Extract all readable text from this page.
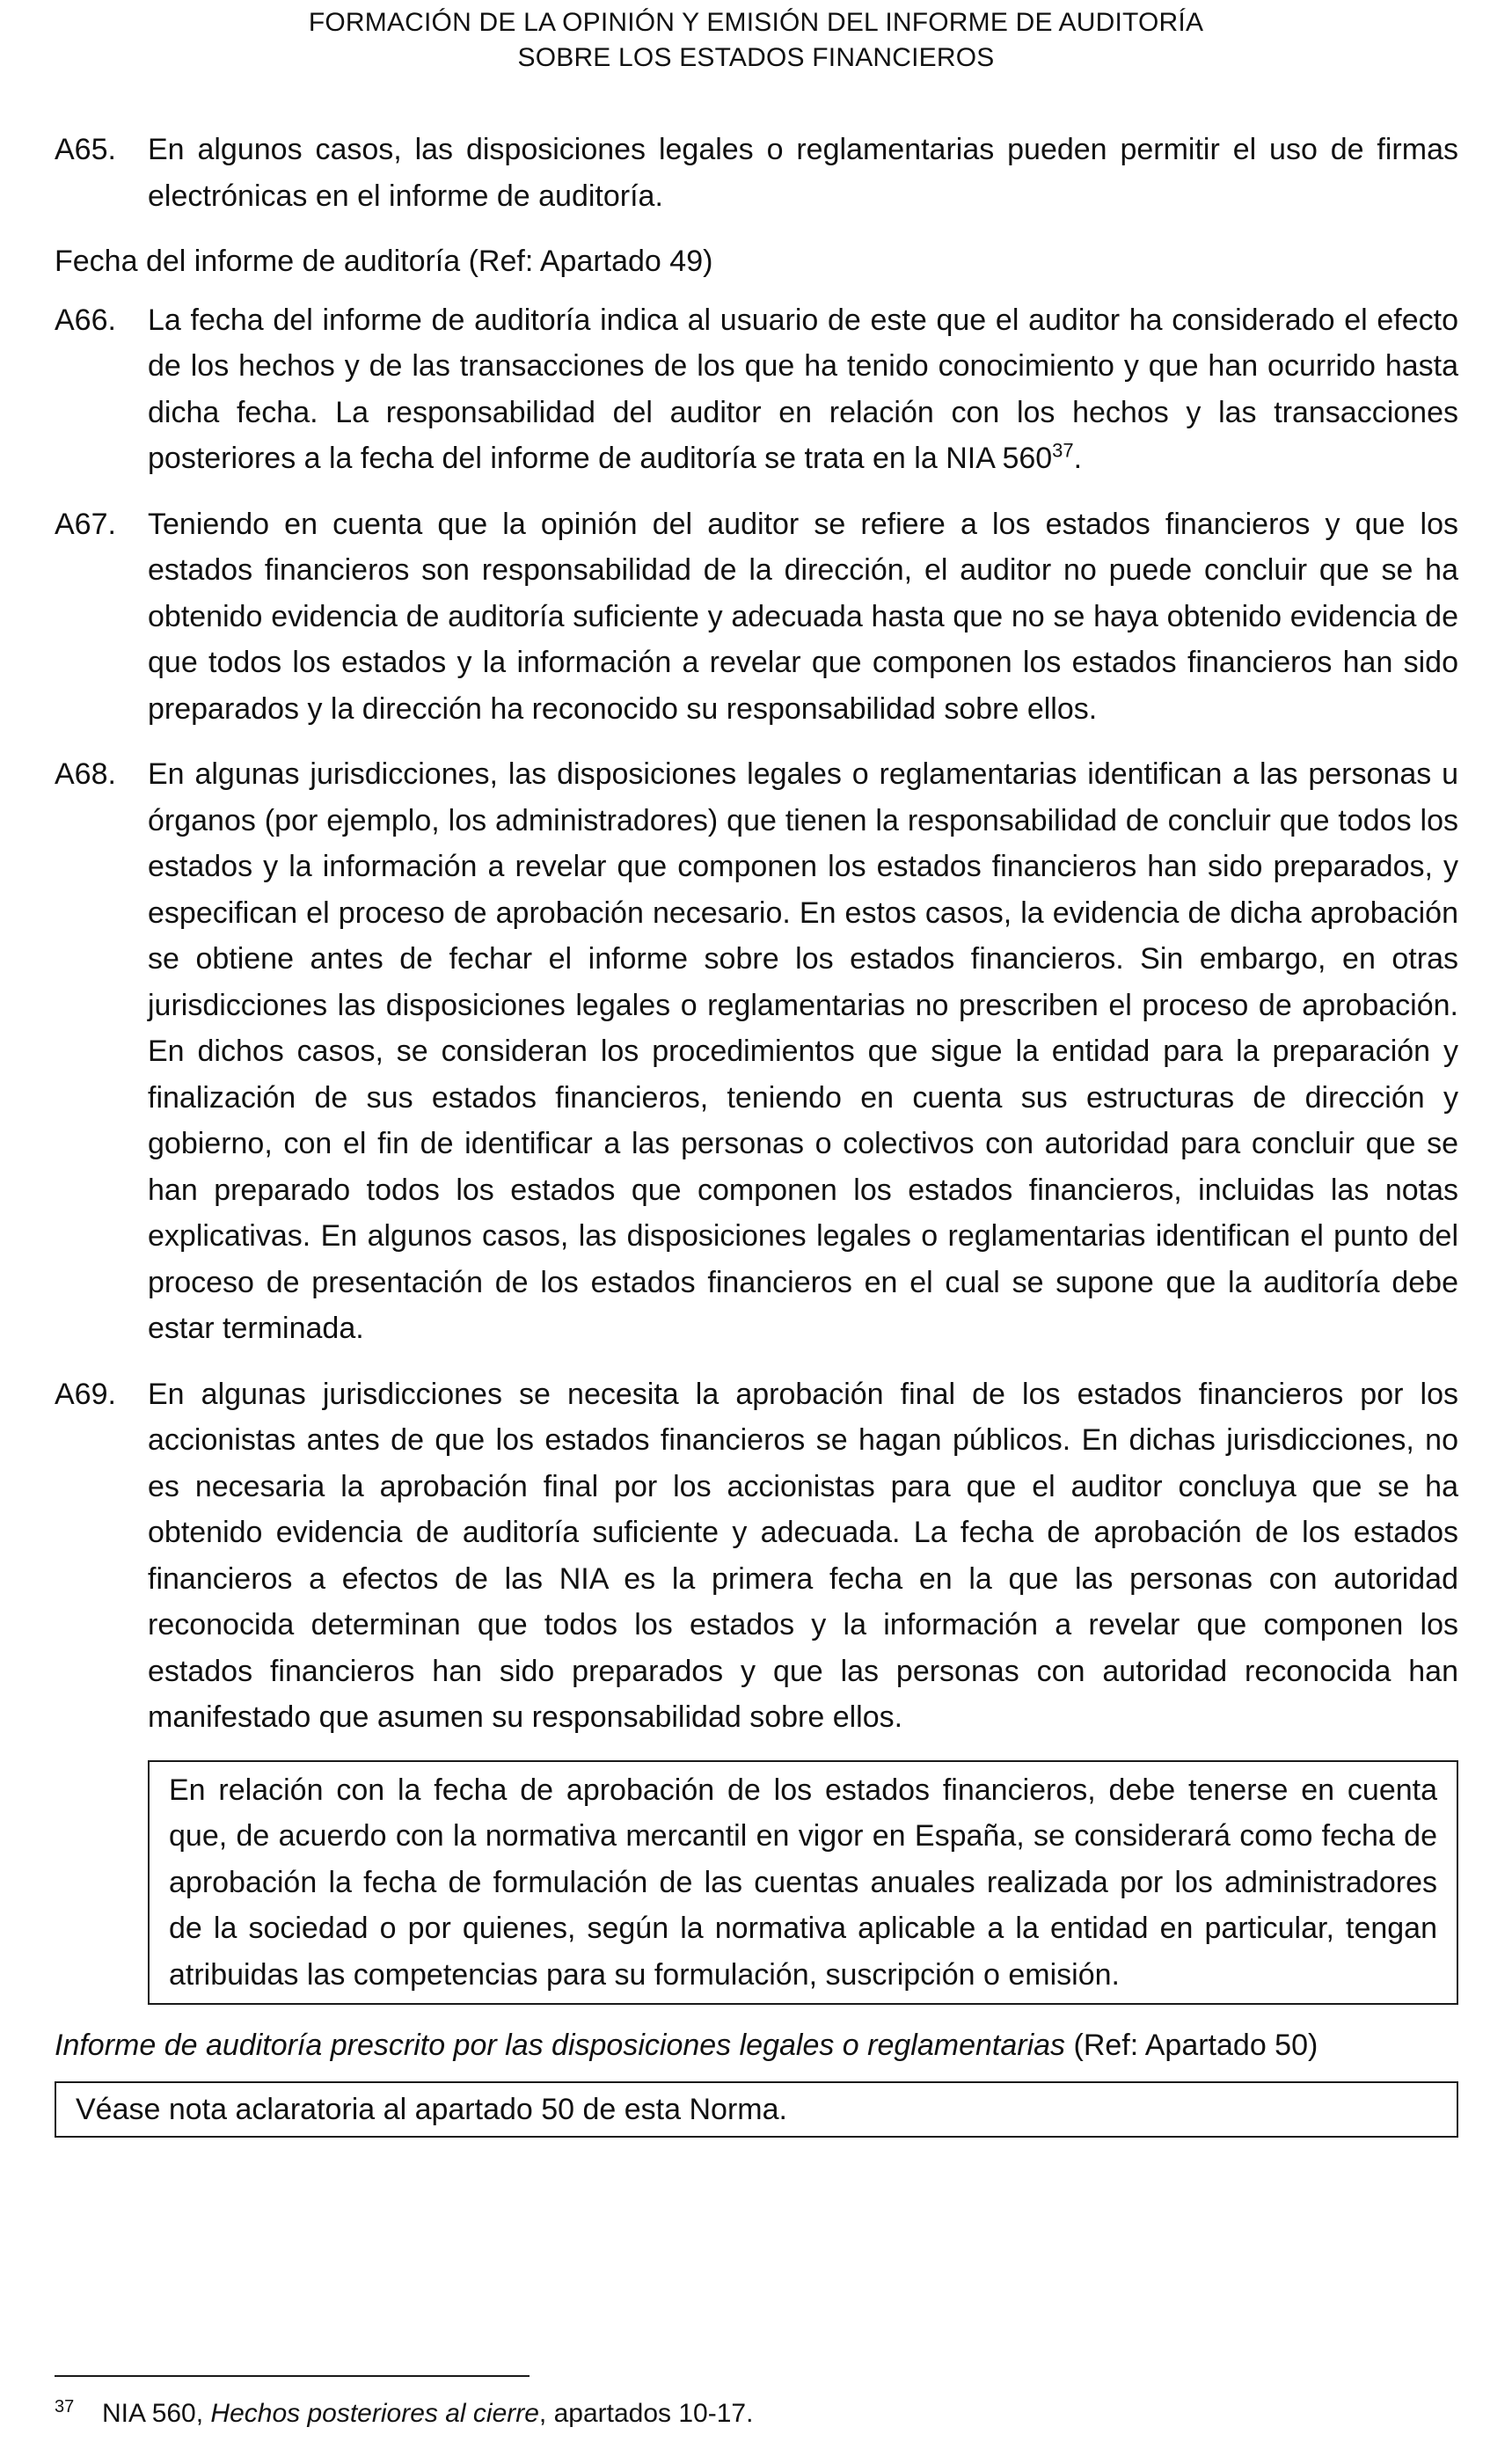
FORMACIÓN DE LA OPINIÓN Y EMISIÓN DEL INFORME DE AUDITORÍA
SOBRE LOS ESTADOS FINANCIEROS
A65.	En algunos casos, las disposiciones legales o reglamentarias pueden permitir el uso de firmas electrónicas en el informe de auditoría.
Fecha del informe de auditoría (Ref: Apartado 49)
A66.	La fecha del informe de auditoría indica al usuario de este que el auditor ha considerado el efecto de los hechos y de las transacciones de los que ha tenido conocimiento y que han ocurrido hasta dicha fecha. La responsabilidad del auditor en relación con los hechos y las transacciones posteriores a la fecha del informe de auditoría se trata en la NIA $560^{37}$.
A67.	Teniendo en cuenta que la opinión del auditor se refiere a los estados financieros y que los estados financieros son responsabilidad de la dirección, el auditor no puede concluir que se ha obtenido evidencia de auditoría suficiente y adecuada hasta que no se haya obtenido evidencia de que todos los estados y la información a revelar que componen los estados financieros han sido preparados y la dirección ha reconocido su responsabilidad sobre ellos.
A68.	En algunas jurisdicciones, las disposiciones legales o reglamentarias identifican a las personas u órganos (por ejemplo, los administradores) que tienen la responsabilidad de concluir que todos los estados y la información a revelar que componen los estados financieros han sido preparados, y especifican el proceso de aprobación necesario. En estos casos, la evidencia de dicha aprobación se obtiene antes de fechar el informe sobre los estados financieros. Sin embargo, en otras jurisdicciones las disposiciones legales o reglamentarias no prescriben el proceso de aprobación. En dichos casos, se consideran los procedimientos que sigue la entidad para la preparación y finalización de sus estados financieros, teniendo en cuenta sus estructuras de dirección y gobierno, con el fin de identificar a las personas o colectivos con autoridad para concluir que se han preparado todos los estados que componen los estados financieros, incluidas las notas explicativas. En algunos casos, las disposiciones legales o reglamentarias identifican el punto del proceso de presentación de los estados financieros en el cual se supone que la auditoría debe estar terminada.
A69.	En algunas jurisdicciones se necesita la aprobación final de los estados financieros por los accionistas antes de que los estados financieros se hagan públicos. En dichas jurisdicciones, no es necesaria la aprobación final por los accionistas para que el auditor concluya que se ha obtenido evidencia de auditoría suficiente y adecuada. La fecha de aprobación de los estados financieros a efectos de las NIA es la primera fecha en la que las personas con autoridad reconocida determinan que todos los estados y la información a revelar que componen los estados financieros han sido preparados y que las personas con autoridad reconocida han manifestado que asumen su responsabilidad sobre ellos.
En relación con la fecha de aprobación de los estados financieros, debe tenerse en cuenta que, de acuerdo con la normativa mercantil en vigor en España, se considerará como fecha de aprobación la fecha de formulación de las cuentas anuales realizada por los administradores de la sociedad o por quienes, según la normativa aplicable a la entidad en particular, tengan atribuidas las competencias para su formulación, suscripción o emisión.
Informe de auditoría prescrito por las disposiciones legales o reglamentarias (Ref: Apartado 50)
Véase nota aclaratoria al apartado 50 de esta Norma.
37	NIA 560, Hechos posteriores al cierre, apartados 10-17.
